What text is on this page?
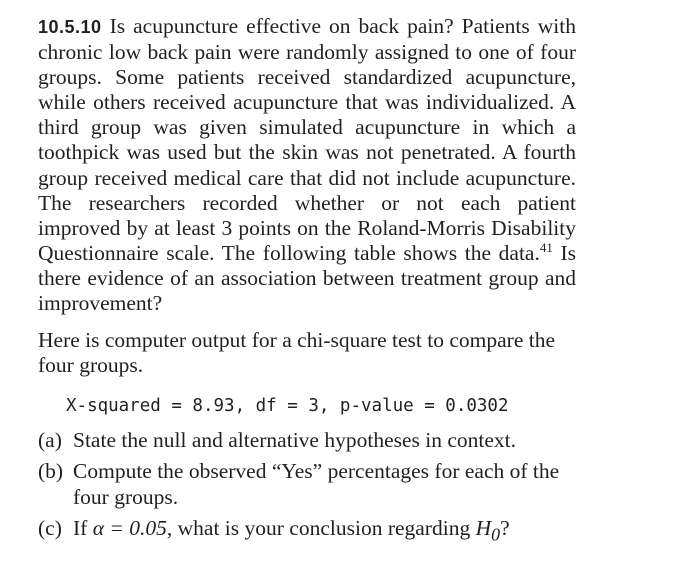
10.5.10 Is acupuncture effective on back pain? Patients with chronic low back pain were randomly assigned to one of four groups. Some patients received standardized acupuncture, while others received acupuncture that was individualized. A third group was given simulated acupuncture in which a toothpick was used but the skin was not penetrated. A fourth group received medical care that did not include acupuncture. The researchers recorded whether or not each patient improved by at least 3 points on the Roland-Morris Disability Questionnaire scale. The following table shows the data.$^{41}$ Is there evidence of an association between treatment group and improvement?

Here is computer output for a chi-square test to compare the four groups.

X-squared = 8.93, df = 3, p-value = 0.0302
(a) State the null and alternative hypotheses in context.
(b) Compute the observed “Yes” percentages for each of the four groups.
(c) If α = 0.05, what is your conclusion regarding $H_0$?
